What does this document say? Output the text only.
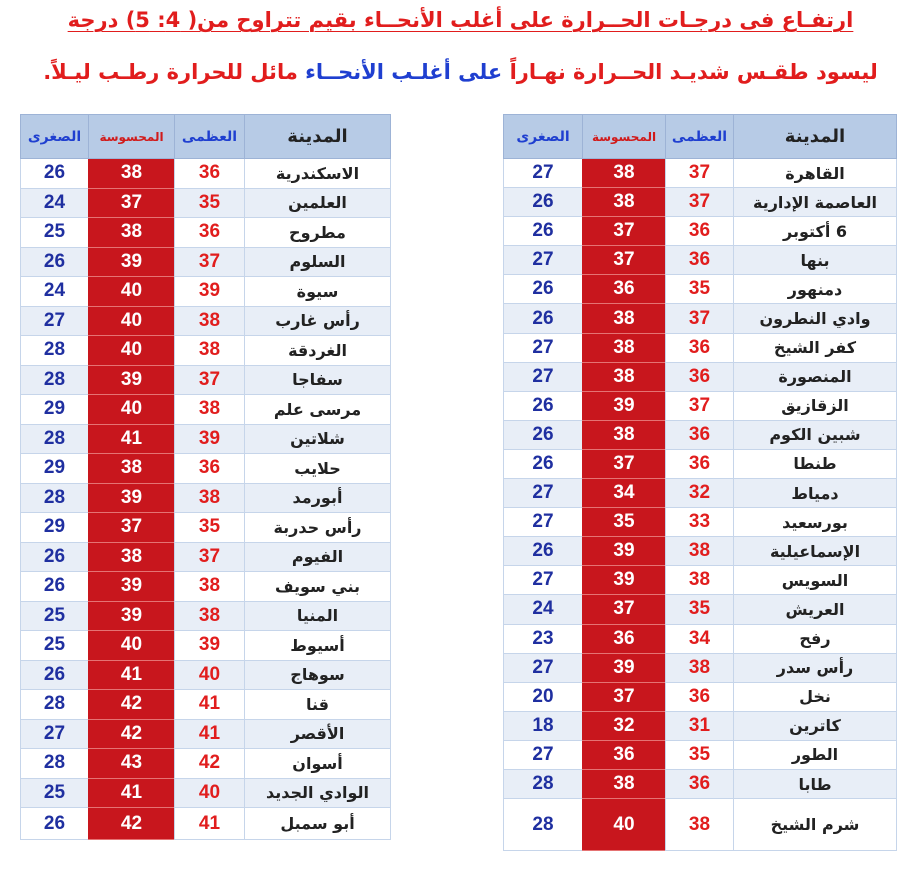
ارتفـاع فى درجـات الحــرارة على أغلب الأنحــاء بقيم تتراوح من( 4: 5) درجة
ليسود طقـس شديـد الحــرارة نهـاراً على أغلـب الأنحــاء مائل للحرارة رطـب ليـلاً.
المدينة	العظمى	المحسوسة	الصغرى
القاهرة	37	38	27
العاصمة الإدارية	37	38	26
6 أكتوبر	36	37	26
بنها	36	37	27
دمنهور	35	36	26
وادي النطرون	37	38	26
كفر الشيخ	36	38	27
المنصورة	36	38	27
الزقازيق	37	39	26
شبين الكوم	36	38	26
طنطا	36	37	26
دمياط	32	34	27
بورسعيد	33	35	27
الإسماعيلية	38	39	26
السويس	38	39	27
العريش	35	37	24
رفح	34	36	23
رأس سدر	38	39	27
نخل	36	37	20
كاترين	31	32	18
الطور	35	36	27
طابا	36	38	28
شرم الشيخ	38	40	28
المدينة	العظمى	المحسوسة	الصغرى
الاسكندرية	36	38	26
العلمين	35	37	24
مطروح	36	38	25
السلوم	37	39	26
سيوة	39	40	24
رأس غارب	38	40	27
الغردقة	38	40	28
سفاجا	37	39	28
مرسى علم	38	40	29
شلاتين	39	41	28
حلايب	36	38	29
أبورمد	38	39	28
رأس حدربة	35	37	29
الفيوم	37	38	26
بني سويف	38	39	26
المنيا	38	39	25
أسيوط	39	40	25
سوهاج	40	41	26
قنا	41	42	28
الأقصر	41	42	27
أسوان	42	43	28
الوادي الجديد	40	41	25
أبو سمبل	41	42	26
